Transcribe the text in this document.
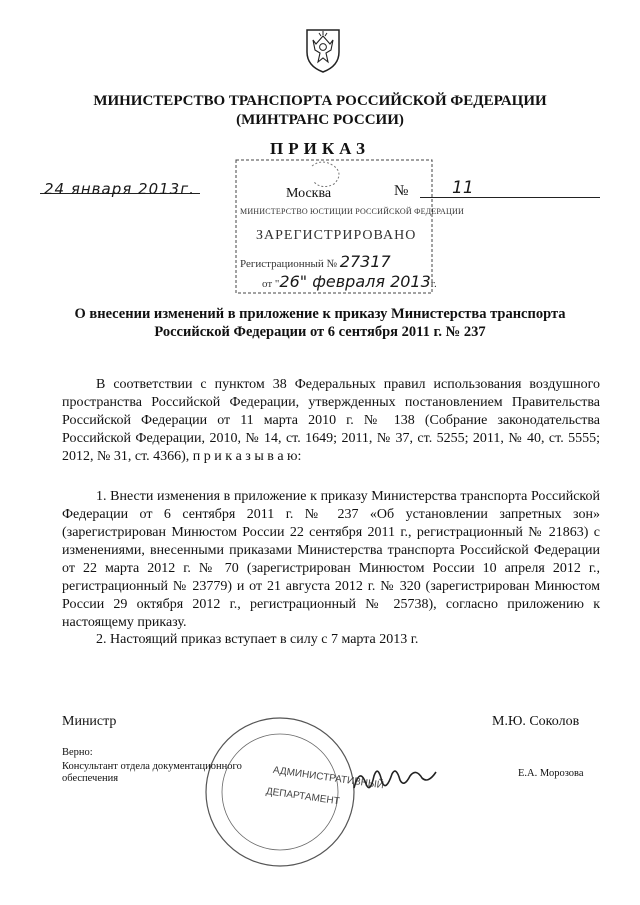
МИНИСТЕРСТВО ТРАНСПОРТА РОССИЙСКОЙ ФЕДЕРАЦИИ
(МИНТРАНС РОССИИ)
ПРИКАЗ
24 января 2013г.	Москва	№	11
МИНИСТЕРСТВО ЮСТИЦИИ РОССИЙСКОЙ ФЕДЕРАЦИИ
ЗАРЕГИСТРИРОВАНО
Регистрационный № 27317
от "26" февраля 2013г.
О внесении изменений в приложение к приказу Министерства транспорта
Российской Федерации от 6 сентября 2011 г. № 237

В соответствии с пунктом 38 Федеральных правил использования воздушного пространства Российской Федерации, утвержденных постановлением Правительства Российской Федерации от 11 марта 2010 г. № 138 (Собрание законодательства Российской Федерации, 2010, № 14, ст. 1649; 2011, № 37, ст. 5255; 2011, № 40, ст. 5555; 2012, № 31, ст. 4366), п р и к а з ы в а ю:

1. Внести изменения в приложение к приказу Министерства транспорта Российской Федерации от 6 сентября 2011 г. № 237 «Об установлении запретных зон» (зарегистрирован Минюстом России 22 сентября 2011 г., регистрационный № 21863) с изменениями, внесенными приказами Министерства транспорта Российской Федерации от 22 марта 2012 г. № 70 (зарегистрирован Минюстом России 10 апреля 2012 г., регистрационный № 23779) и от 21 августа 2012 г. № 320 (зарегистрирован Минюстом России 29 октября 2012 г., регистрационный № 25738), согласно приложению к настоящему приказу.

2. Настоящий приказ вступает в силу с 7 марта 2013 г.

Министр	М.Ю. Соколов
АДМИНИСТРАТИВНЫЙ
ДЕПАРТАМЕНТ
Верно:
Консультант отдела документационного
обеспечения	Е.А. Морозова
